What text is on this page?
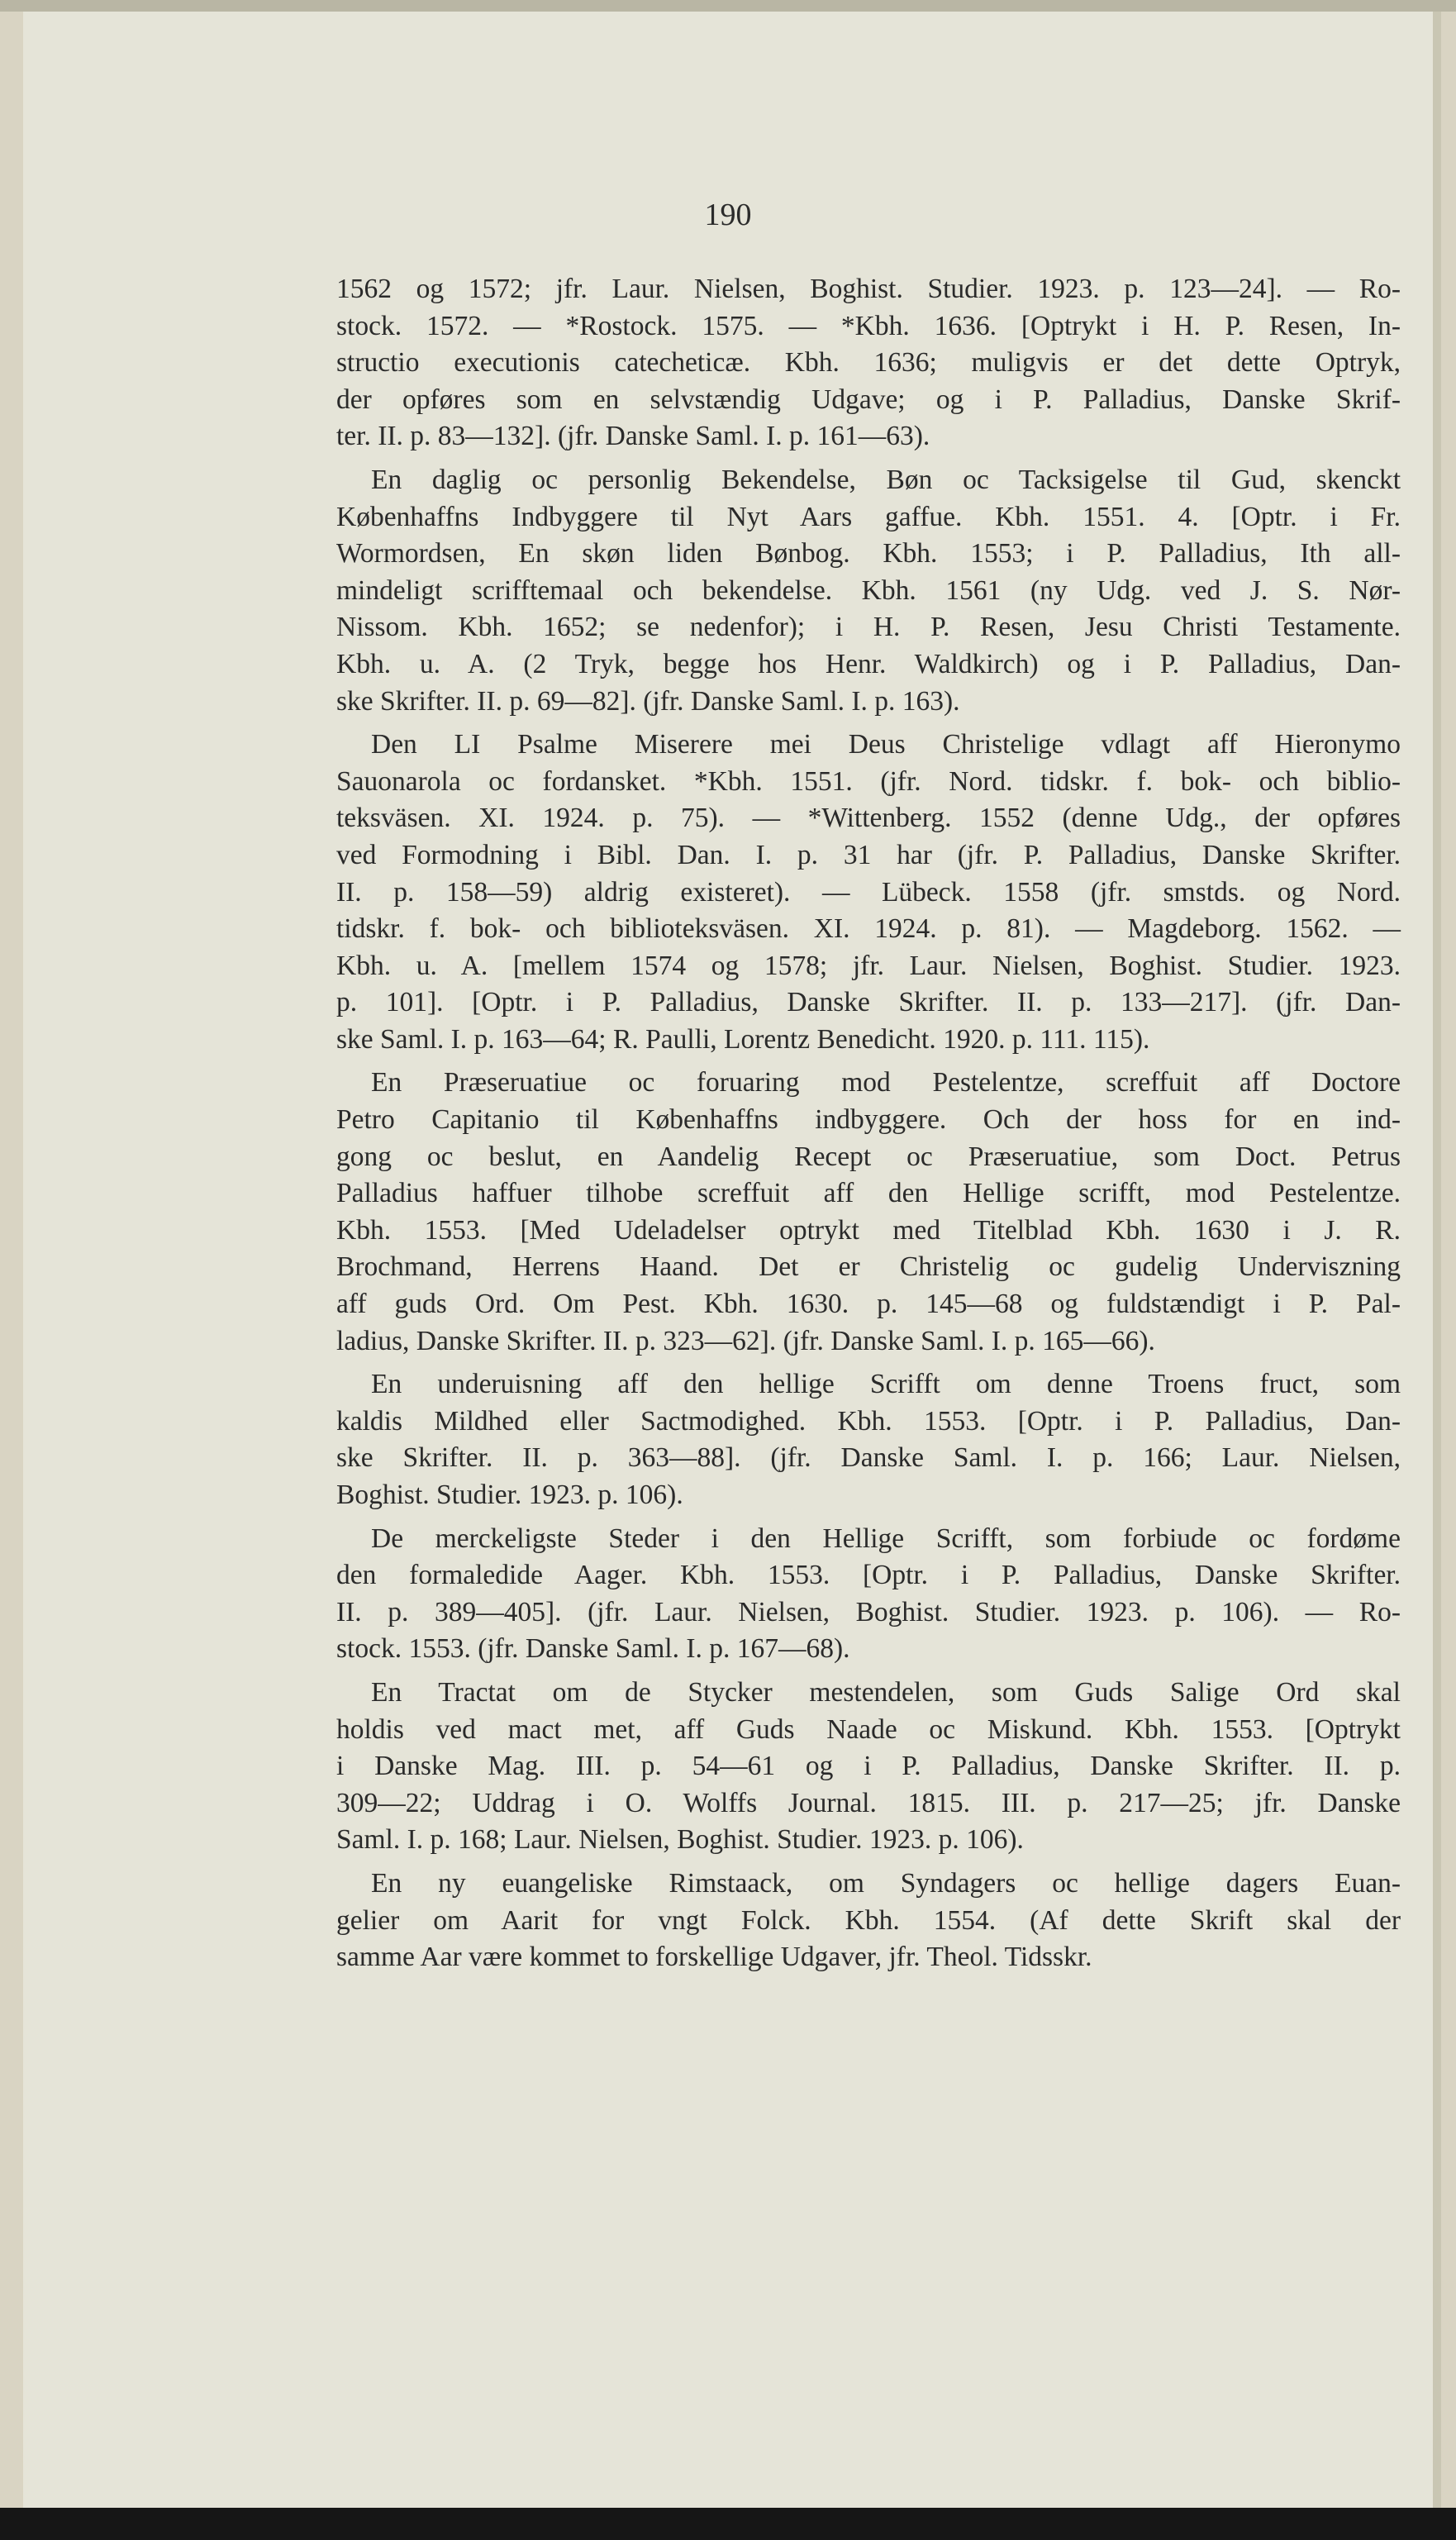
190
1562 og 1572; jfr. Laur. Nielsen, Boghist. Studier. 1923. p. 123—24]. — Ro-
stock. 1572. — *Rostock. 1575. — *Kbh. 1636. [Optrykt i H. P. Resen, In-
structio executionis catecheticæ. Kbh. 1636; muligvis er det dette Optryk,
der opføres som en selvstændig Udgave; og i P. Palladius, Danske Skrif-
ter. II. p. 83—132]. (jfr. Danske Saml. I. p. 161—63).
En daglig oc personlig Bekendelse, Bøn oc Tacksigelse til Gud, skenckt
Københaffns Indbyggere til Nyt Aars gaffue. Kbh. 1551. 4. [Optr. i Fr.
Wormordsen, En skøn liden Bønbog. Kbh. 1553; i P. Palladius, Ith all-
mindeligt scrifftemaal och bekendelse. Kbh. 1561 (ny Udg. ved J. S. Nør-
Nissom. Kbh. 1652; se nedenfor); i H. P. Resen, Jesu Christi Testamente.
Kbh. u. A. (2 Tryk, begge hos Henr. Waldkirch) og i P. Palladius, Dan-
ske Skrifter. II. p. 69—82]. (jfr. Danske Saml. I. p. 163).
Den LI Psalme Miserere mei Deus Christelige vdlagt aff Hieronymo
Sauonarola oc fordansket. *Kbh. 1551. (jfr. Nord. tidskr. f. bok- och biblio-
teksväsen. XI. 1924. p. 75). — *Wittenberg. 1552 (denne Udg., der opføres
ved Formodning i Bibl. Dan. I. p. 31 har (jfr. P. Palladius, Danske Skrifter.
II. p. 158—59) aldrig existeret). — Lübeck. 1558 (jfr. smstds. og Nord.
tidskr. f. bok- och biblioteksväsen. XI. 1924. p. 81). — Magdeborg. 1562. —
Kbh. u. A. [mellem 1574 og 1578; jfr. Laur. Nielsen, Boghist. Studier. 1923.
p. 101]. [Optr. i P. Palladius, Danske Skrifter. II. p. 133—217]. (jfr. Dan-
ske Saml. I. p. 163—64; R. Paulli, Lorentz Benedicht. 1920. p. 111. 115).
En Præseruatiue oc foruaring mod Pestelentze, screffuit aff Doctore
Petro Capitanio til Københaffns indbyggere. Och der hoss for en ind-
gong oc beslut, en Aandelig Recept oc Præseruatiue, som Doct. Petrus
Palladius haffuer tilhobe screffuit aff den Hellige scrifft, mod Pestelentze.
Kbh. 1553. [Med Udeladelser optrykt med Titelblad Kbh. 1630 i J. R.
Brochmand, Herrens Haand. Det er Christelig oc gudelig Underviszning
aff guds Ord. Om Pest. Kbh. 1630. p. 145—68 og fuldstændigt i P. Pal-
ladius, Danske Skrifter. II. p. 323—62]. (jfr. Danske Saml. I. p. 165—66).
En underuisning aff den hellige Scrifft om denne Troens fruct, som
kaldis Mildhed eller Sactmodighed. Kbh. 1553. [Optr. i P. Palladius, Dan-
ske Skrifter. II. p. 363—88]. (jfr. Danske Saml. I. p. 166; Laur. Nielsen,
Boghist. Studier. 1923. p. 106).
De merckeligste Steder i den Hellige Scrifft, som forbiude oc fordøme
den formaledide Aager. Kbh. 1553. [Optr. i P. Palladius, Danske Skrifter.
II. p. 389—405]. (jfr. Laur. Nielsen, Boghist. Studier. 1923. p. 106). — Ro-
stock. 1553. (jfr. Danske Saml. I. p. 167—68).
En Tractat om de Stycker mestendelen, som Guds Salige Ord skal
holdis ved mact met, aff Guds Naade oc Miskund. Kbh. 1553. [Optrykt
i Danske Mag. III. p. 54—61 og i P. Palladius, Danske Skrifter. II. p.
309—22; Uddrag i O. Wolffs Journal. 1815. III. p. 217—25; jfr. Danske
Saml. I. p. 168; Laur. Nielsen, Boghist. Studier. 1923. p. 106).
En ny euangeliske Rimstaack, om Syndagers oc hellige dagers Euan-
gelier om Aarit for vngt Folck. Kbh. 1554. (Af dette Skrift skal der
samme Aar være kommet to forskellige Udgaver, jfr. Theol. Tidsskr.
